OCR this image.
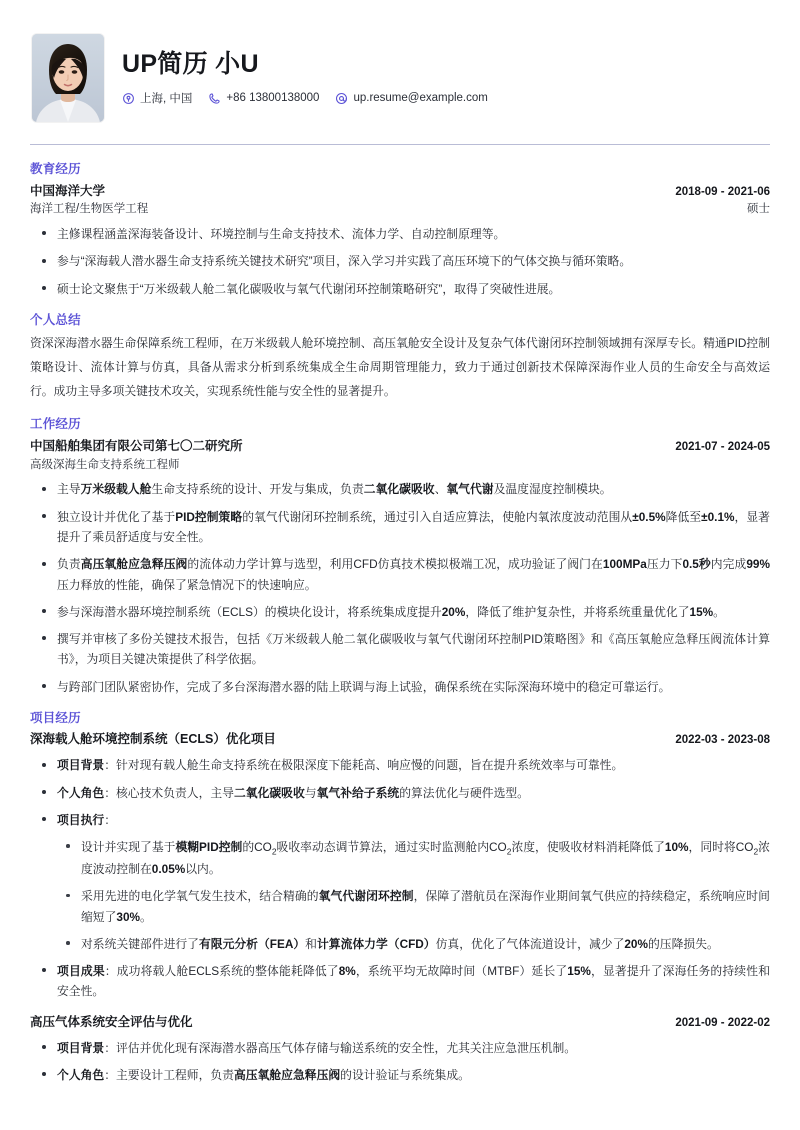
UP简历 小U
上海, 中国	+86 13800138000	up.resume@example.com
教育经历
中国海洋大学	2018-09 - 2021-06
海洋工程/生物医学工程	硕士
主修课程涵盖深海装备设计、环境控制与生命支持技术、流体力学、自动控制原理等。
参与“深海载人潜水器生命支持系统关键技术研究”项目，深入学习并实践了高压环境下的气体交换与循环策略。
硕士论文聚焦于“万米级载人舱二氧化碳吸收与氧气代谢闭环控制策略研究”，取得了突破性进展。
个人总结
资深深海潜水器生命保障系统工程师，在万米级载人舱环境控制、高压氧舱安全设计及复杂气体代谢闭环控制领域拥有深厚专长。精通PID控制策略设计、流体计算与仿真，具备从需求分析到系统集成全生命周期管理能力，致力于通过创新技术保障深海作业人员的生命安全与高效运行。成功主导多项关键技术攻关，实现系统性能与安全性的显著提升。
工作经历
中国船舶集团有限公司第七〇二研究所	2021-07 - 2024-05
高级深海生命支持系统工程师
主导万米级载人舱生命支持系统的设计、开发与集成，负责二氧化碳吸收、氧气代谢及温度湿度控制模块。
独立设计并优化了基于PID控制策略的氧气代谢闭环控制系统，通过引入自适应算法，使舱内氧浓度波动范围从±0.5%降低至±0.1%，显著提升了乘员舒适度与安全性。
负责高压氧舱应急释压阀的流体动力学计算与选型，利用CFD仿真技术模拟极端工况，成功验证了阀门在100MPa压力下0.5秒内完成99%压力释放的性能，确保了紧急情况下的快速响应。
参与深海潜水器环境控制系统（ECLS）的模块化设计，将系统集成度提升20%，降低了维护复杂性，并将系统重量优化了15%。
撰写并审核了多份关键技术报告，包括《万米级载人舱二氧化碳吸收与氧气代谢闭环控制PID策略图》和《高压氧舱应急释压阀流体计算书》，为项目关键决策提供了科学依据。
与跨部门团队紧密协作，完成了多台深海潜水器的陆上联调与海上试验，确保系统在实际深海环境中的稳定可靠运行。
项目经历
深海载人舱环境控制系统（ECLS）优化项目	2022-03 - 2023-08
项目背景：针对现有载人舱生命支持系统在极限深度下能耗高、响应慢的问题，旨在提升系统效率与可靠性。
个人角色：核心技术负责人，主导二氧化碳吸收与氧气补给子系统的算法优化与硬件选型。
项目执行：
设计并实现了基于模糊PID控制的$CO_2$吸收率动态调节算法，通过实时监测舱内$CO_2$浓度，使吸收材料消耗降低了10%，同时将$CO_2$浓度波动控制在0.05%以内。
采用先进的电化学氧气发生技术，结合精确的氧气代谢闭环控制，保障了潜航员在深海作业期间氧气供应的持续稳定，系统响应时间缩短了30%。
对系统关键部件进行了有限元分析（FEA）和计算流体力学（CFD）仿真，优化了气体流道设计，减少了20%的压降损失。
项目成果：成功将载人舱ECLS系统的整体能耗降低了8%，系统平均无故障时间（MTBF）延长了15%，显著提升了深海任务的持续性和安全性。
高压气体系统安全评估与优化	2021-09 - 2022-02
项目背景：评估并优化现有深海潜水器高压气体存储与输送系统的安全性，尤其关注应急泄压机制。
个人角色：主要设计工程师，负责高压氧舱应急释压阀的设计验证与系统集成。
